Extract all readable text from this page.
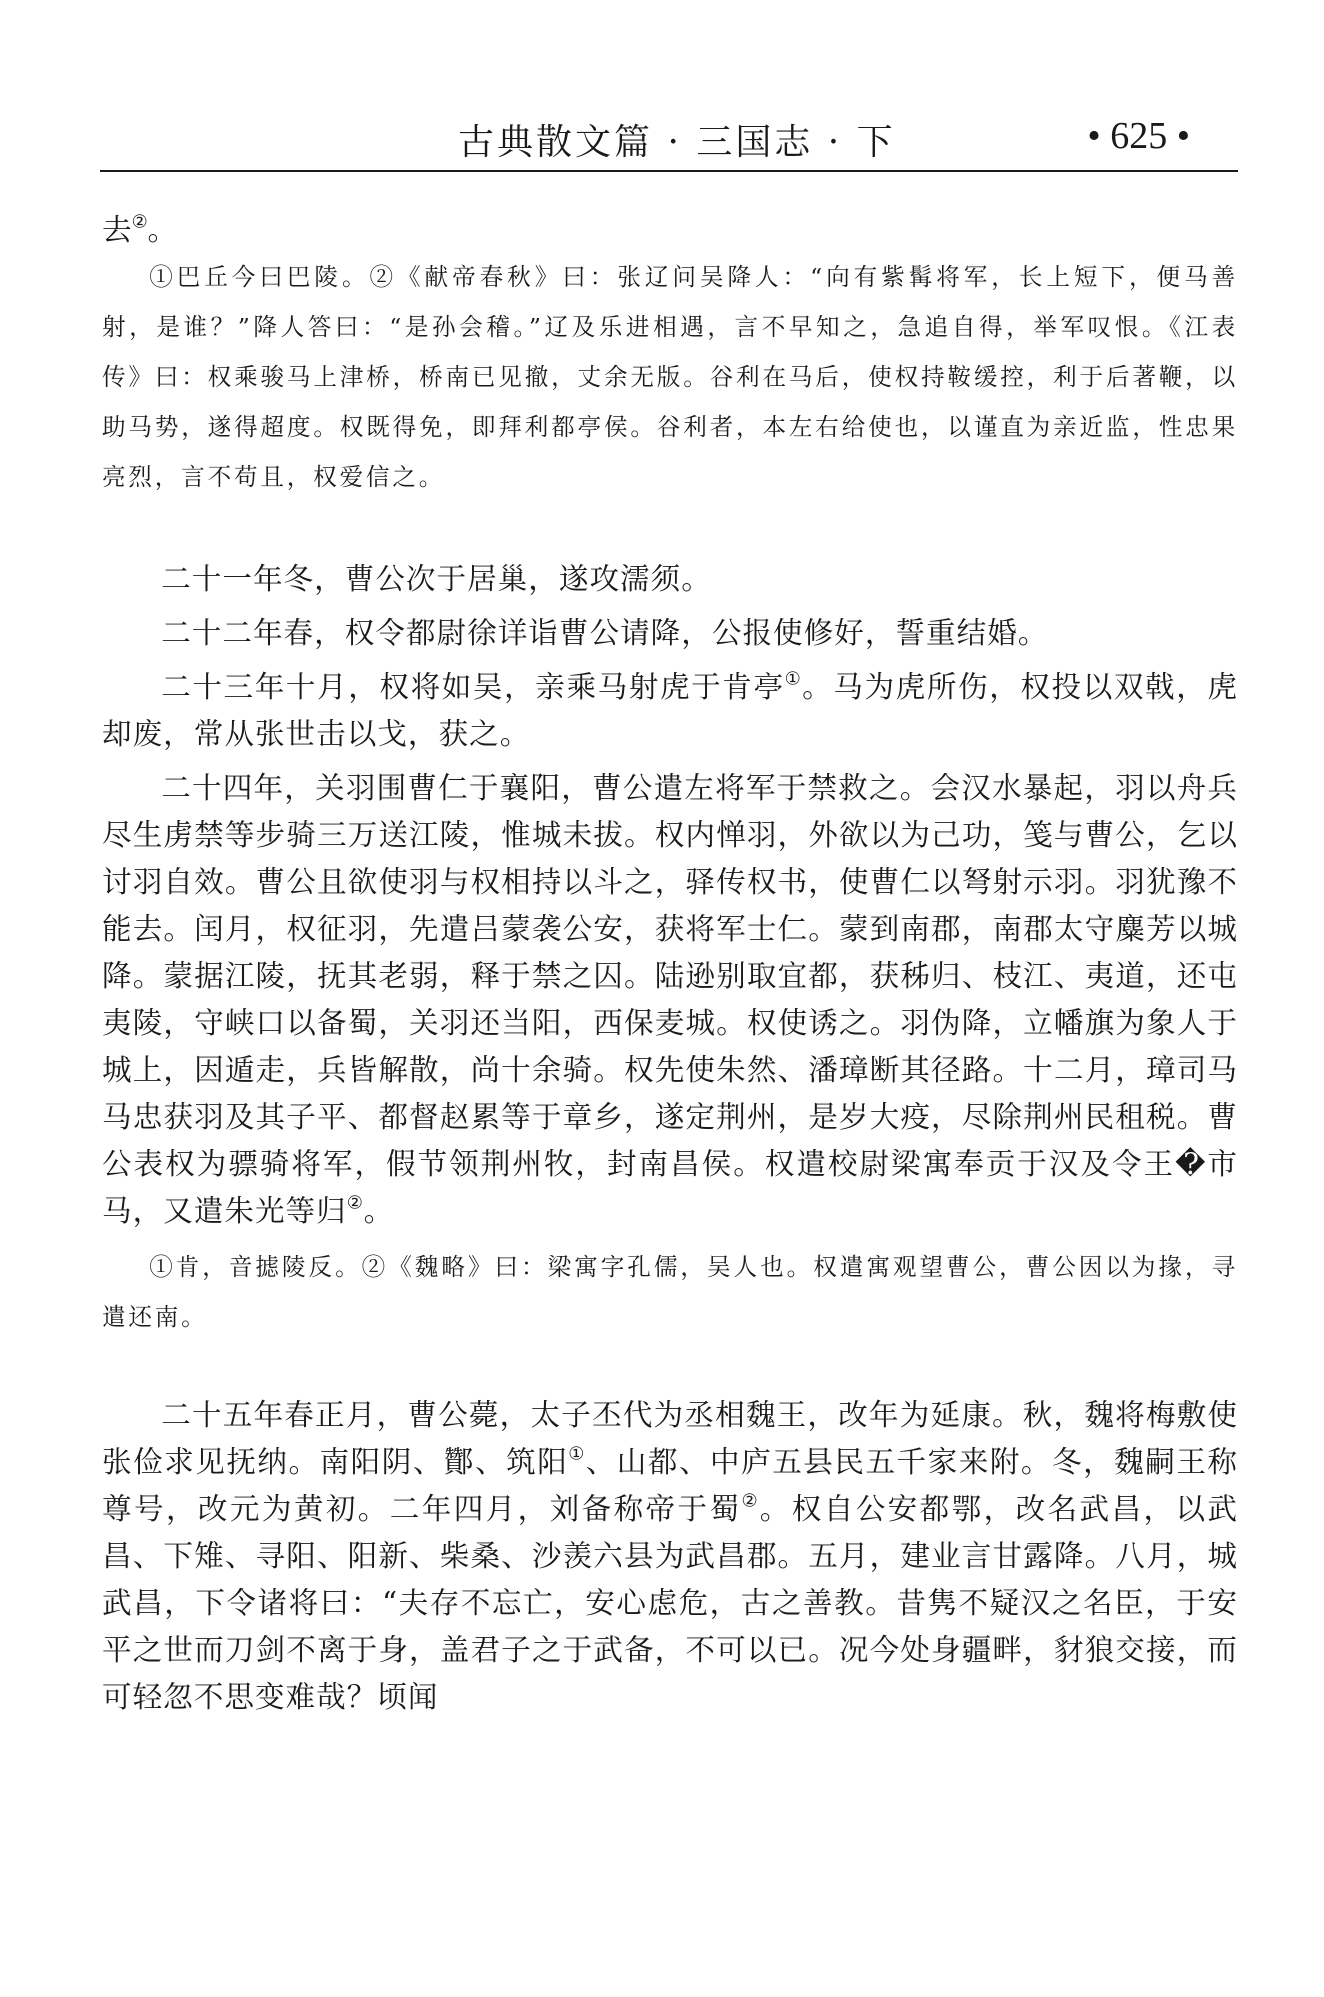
古典散文篇 · 三国志 · 下	• 625 •

去②。

①巴丘今曰巴陵。②《献帝春秋》曰：张辽问吴降人：“向有紫髯将军，长上短下，便马善射，是谁？”降人答曰：“是孙会稽。”辽及乐进相遇，言不早知之，急追自得，举军叹恨。《江表传》曰：权乘骏马上津桥，桥南已见撤，丈余无版。谷利在马后，使权持鞍缓控，利于后著鞭，以助马势，遂得超度。权既得免，即拜利都亭侯。谷利者，本左右给使也，以谨直为亲近监，性忠果亮烈，言不苟且，权爱信之。

二十一年冬，曹公次于居巢，遂攻濡须。

二十二年春，权令都尉徐详诣曹公请降，公报使修好，誓重结婚。

二十三年十月，权将如吴，亲乘马射虎于肯亭①。马为虎所伤，权投以双戟，虎却废，常从张世击以戈，获之。

二十四年，关羽围曹仁于襄阳，曹公遣左将军于禁救之。会汉水暴起，羽以舟兵尽生虏禁等步骑三万送江陵，惟城未拔。权内惮羽，外欲以为己功，笺与曹公，乞以讨羽自效。曹公且欲使羽与权相持以斗之，驿传权书，使曹仁以弩射示羽。羽犹豫不能去。闰月，权征羽，先遣吕蒙袭公安，获将军士仁。蒙到南郡，南郡太守麋芳以城降。蒙据江陵，抚其老弱，释于禁之囚。陆逊别取宜都，获秭归、枝江、夷道，还屯夷陵，守峡口以备蜀，关羽还当阳，西保麦城。权使诱之。羽伪降，立幡旗为象人于城上，因遁走，兵皆解散，尚十余骑。权先使朱然、潘璋断其径路。十二月，璋司马马忠获羽及其子平、都督赵累等于章乡，遂定荆州，是岁大疫，尽除荆州民租税。曹公表权为骠骑将军，假节领荆州牧，封南昌侯。权遣校尉梁寓奉贡于汉及令王�市马，又遣朱光等归②。

①肯，音摅陵反。②《魏略》曰：梁寓字孔儒，吴人也。权遣寓观望曹公，曹公因以为掾，寻遣还南。

二十五年春正月，曹公薨，太子丕代为丞相魏王，改年为延康。秋，魏将梅敷使张俭求见抚纳。南阳阴、酇、筑阳①、山都、中庐五县民五千家来附。冬，魏嗣王称尊号，改元为黄初。二年四月，刘备称帝于蜀②。权自公安都鄂，改名武昌，以武昌、下雉、寻阳、阳新、柴桑、沙羡六县为武昌郡。五月，建业言甘露降。八月，城武昌，下令诸将曰：“夫存不忘亡，安心虑危，古之善教。昔隽不疑汉之名臣，于安平之世而刀剑不离于身，盖君子之于武备，不可以已。况今处身疆畔，豺狼交接，而可轻忽不思变难哉？顷闻
